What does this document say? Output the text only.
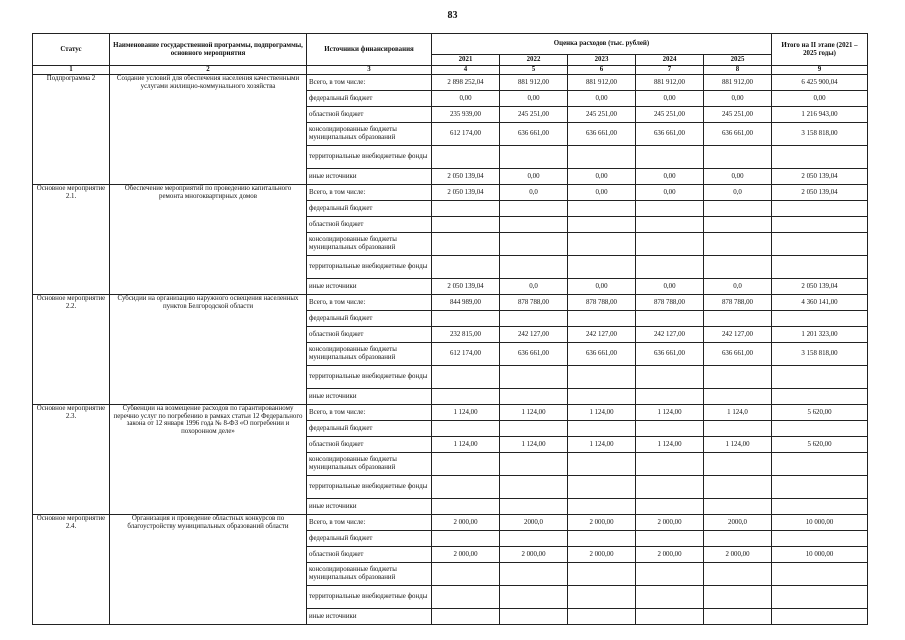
83
Статус	Наименование государственной программы, подпрограммы, основного мероприятия	Источники финансирования	Оценка расходов (тыс. рублей)					Итого на II этапе (2021 – 2025 годы)
			2021	2022	2023	2024	2025	
1	2	3	4	5	6	7	8	9
Подпрограмма 2	Создание условий для обеспечения населения качественными услугами жилищно-коммунального хозяйства	Всего, в том числе:	2 898 252,04	881 912,00	881 912,00	881 912,00	881 912,00	6 425 900,04
		федеральный бюджет	0,00	0,00	0,00	0,00	0,00	0,00
		областной бюджет	235 939,00	245 251,00	245 251,00	245 251,00	245 251,00	1 216 943,00
		консолидированные бюджеты муниципальных образований	612 174,00	636 661,00	636 661,00	636 661,00	636 661,00	3 158 818,00
		территориальные внебюджетные фонды						
		иные источники	2 050 139,04	0,00	0,00	0,00	0,00	2 050 139,04
Основное мероприятие 2.1.	Обеспечение мероприятий по проведению капитального ремонта многоквартирных домов	Всего, в том числе:	2 050 139,04	0,0	0,00	0,00	0,0	2 050 139,04
		федеральный бюджет						
		областной бюджет						
		консолидированные бюджеты муниципальных образований						
		территориальные внебюджетные фонды						
		иные источники	2 050 139,04	0,0	0,00	0,00	0,0	2 050 139,04
Основное мероприятие 2.2.	Субсидии на организацию наружного освещения населенных пунктов Белгородской области	Всего, в том числе:	844 989,00	878 788,00	878 788,00	878 788,00	878 788,00	4 360 141,00
		федеральный бюджет						
		областной бюджет	232 815,00	242 127,00	242 127,00	242 127,00	242 127,00	1 201 323,00
		консолидированные бюджеты муниципальных образований	612 174,00	636 661,00	636 661,00	636 661,00	636 661,00	3 158 818,00
		территориальные внебюджетные фонды						
		иные источники						
Основное мероприятие 2.3.	Субвенции на возмещение расходов по гарантированному перечню услуг по погребению в рамках статьи 12 Федерального закона от 12 января 1996 года № 8-ФЗ «О погребении и похоронном деле»	Всего, в том числе:	1 124,00	1 124,00	1 124,00	1 124,00	1 124,0	5 620,00
		федеральный бюджет						
		областной бюджет	1 124,00	1 124,00	1 124,00	1 124,00	1 124,00	5 620,00
		консолидированные бюджеты муниципальных образований						
		территориальные внебюджетные фонды						
		иные источники						
Основное мероприятие 2.4.	Организация и проведение областных конкурсов по благоустройству муниципальных образований области	Всего, в том числе:	2 000,00	2000,0	2 000,00	2 000,00	2000,0	10 000,00
		федеральный бюджет						
		областной бюджет	2 000,00	2 000,00	2 000,00	2 000,00	2 000,00	10 000,00
		консолидированные бюджеты муниципальных образований						
		территориальные внебюджетные фонды						
		иные источники						
